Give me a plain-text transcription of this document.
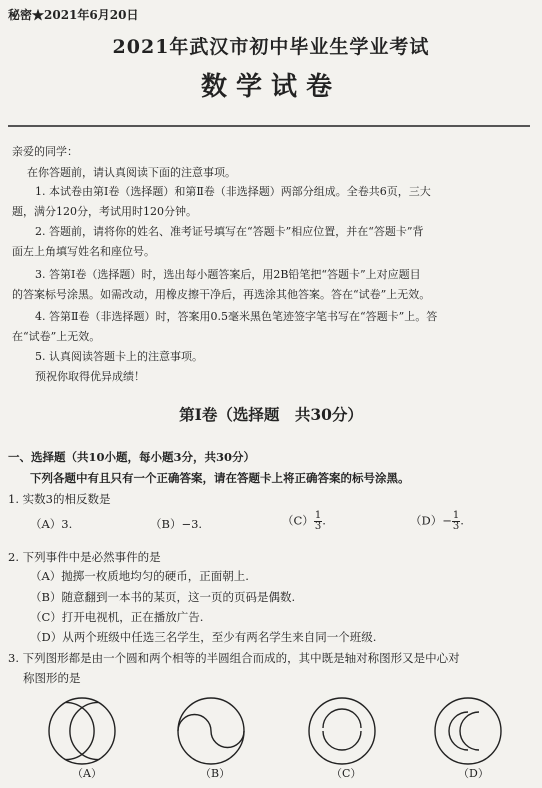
秘密★2021年6月20日
2021年武汉市初中毕业生学业考试
数学试卷
亲爱的同学：
在你答题前，请认真阅读下面的注意事项。
1. 本试卷由第Ⅰ卷（选择题）和第Ⅱ卷（非选择题）两部分组成。全卷共6页，三大
题，满分120分，考试用时120分钟。
2. 答题前，请将你的姓名、准考证号填写在“答题卡”相应位置，并在“答题卡”背
面左上角填写姓名和座位号。
3. 答第Ⅰ卷（选择题）时，选出每小题答案后，用2B铅笔把“答题卡”上对应题目
的答案标号涂黑。如需改动，用橡皮擦干净后，再选涂其他答案。答在“试卷”上无效。
4. 答第Ⅱ卷（非选择题）时，答案用0.5毫米黑色笔迹签字笔书写在“答题卡”上。答
在“试卷”上无效。
5. 认真阅读答题卡上的注意事项。
预祝你取得优异成绩！
第Ⅰ卷（选择题　共30分）
一、选择题（共10小题，每小题3分，共30分）
下列各题中有且只有一个正确答案，请在答题卡上将正确答案的标号涂黑。
1. 实数3的相反数是
（A）3.	（B）−3.	$(C) \frac{1}{3}$ .	$(D)- \frac{1}{3}$ .
2. 下列事件中是必然事件的是
（A）抛掷一枚质地均匀的硬币，正面朝上.
（B）随意翻到一本书的某页，这一页的页码是偶数.
（C）打开电视机，正在播放广告.
（D）从两个班级中任选三名学生，至少有两名学生来自同一个班级.
3. 下列图形都是由一个圆和两个相等的半圆组合而成的，其中既是轴对称图形又是中心对
称图形的是
（A）	（B）	（C）	（D）
